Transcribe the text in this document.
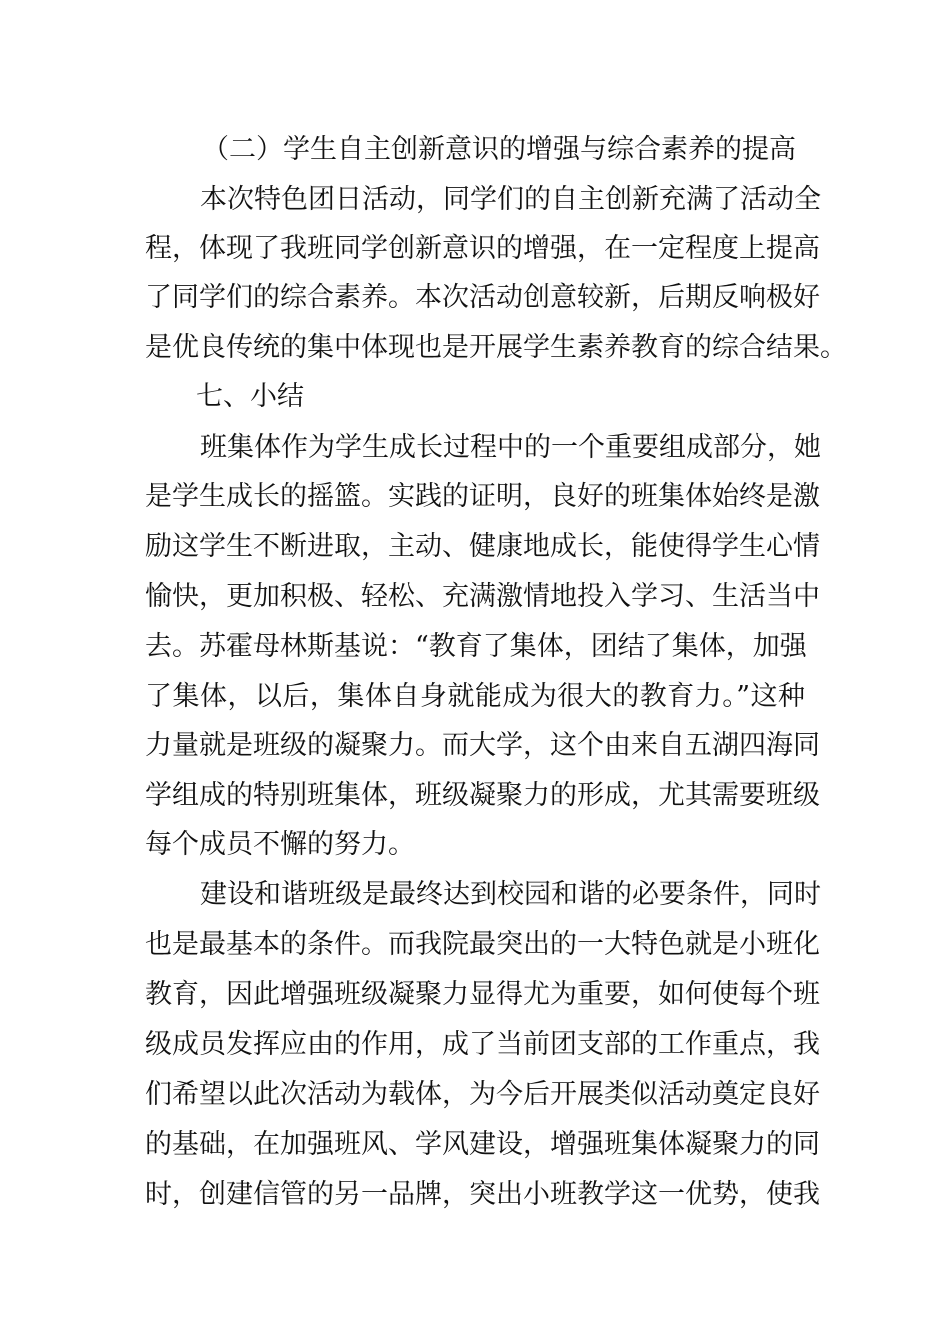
（二）学生自主创新意识的增强与综合素养的提高
本次特色团日活动，同学们的自主创新充满了活动全
程，体现了我班同学创新意识的增强，在一定程度上提高
了同学们的综合素养。本次活动创意较新，后期反响极好
是优良传统的集中体现也是开展学生素养教育的综合结果。
七、小结
班集体作为学生成长过程中的一个重要组成部分，她
是学生成长的摇篮。实践的证明，良好的班集体始终是激
励这学生不断进取，主动、健康地成长，能使得学生心情
愉快，更加积极、轻松、充满激情地投入学习、生活当中
去。苏霍母林斯基说：“教育了集体，团结了集体，加强
了集体，以后，集体自身就能成为很大的教育力。”这种
力量就是班级的凝聚力。而大学，这个由来自五湖四海同
学组成的特别班集体，班级凝聚力的形成，尤其需要班级
每个成员不懈的努力。
建设和谐班级是最终达到校园和谐的必要条件，同时
也是最基本的条件。而我院最突出的一大特色就是小班化
教育，因此增强班级凝聚力显得尤为重要，如何使每个班
级成员发挥应由的作用，成了当前团支部的工作重点，我
们希望以此次活动为载体，为今后开展类似活动奠定良好
的基础，在加强班风、学风建设，增强班集体凝聚力的同
时，创建信管的另一品牌，突出小班教学这一优势，使我
